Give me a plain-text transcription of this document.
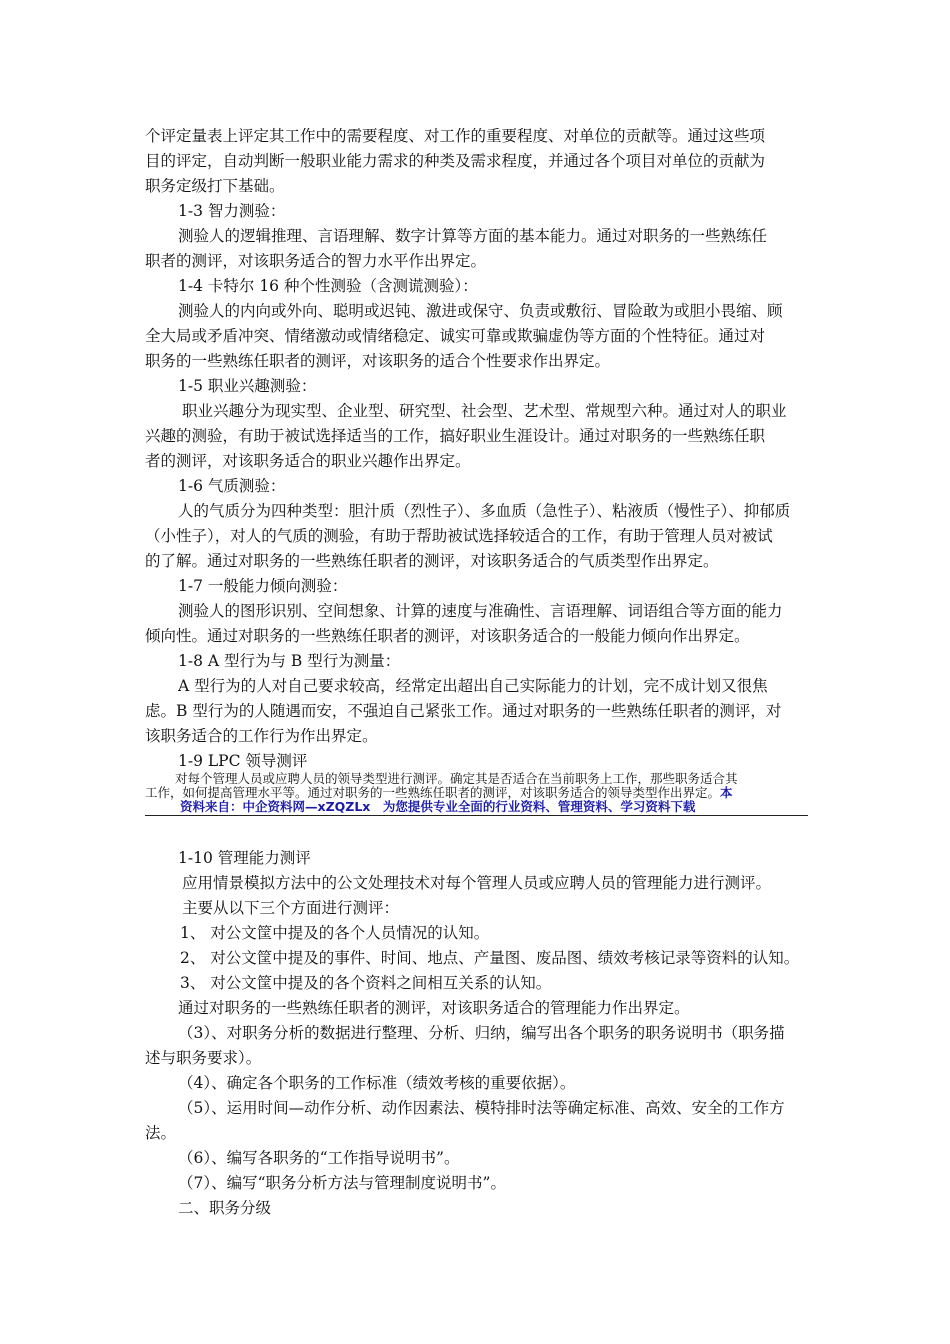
个评定量表上评定其工作中的需要程度、对工作的重要程度、对单位的贡献等。通过这些项
目的评定，自动判断一般职业能力需求的种类及需求程度，并通过各个项目对单位的贡献为
职务定级打下基础。
1-3 智力测验：
测验人的逻辑推理、言语理解、数字计算等方面的基本能力。通过对职务的一些熟练任
职者的测评，对该职务适合的智力水平作出界定。
1-4 卡特尔 16 种个性测验（含测谎测验）：
测验人的内向或外向、聪明或迟钝、激进或保守、负责或敷衍、冒险敢为或胆小畏缩、顾
全大局或矛盾冲突、情绪激动或情绪稳定、诚实可靠或欺骗虚伪等方面的个性特征。通过对
职务的一些熟练任职者的测评，对该职务的适合个性要求作出界定。
1-5 职业兴趣测验：
职业兴趣分为现实型、企业型、研究型、社会型、艺术型、常规型六种。通过对人的职业
兴趣的测验，有助于被试选择适当的工作，搞好职业生涯设计。通过对职务的一些熟练任职
者的测评，对该职务适合的职业兴趣作出界定。
1-6 气质测验：
人的气质分为四种类型：胆汁质（烈性子）、多血质（急性子）、粘液质（慢性子）、抑郁质
（小性子），对人的气质的测验，有助于帮助被试选择较适合的工作，有助于管理人员对被试
的了解。通过对职务的一些熟练任职者的测评，对该职务适合的气质类型作出界定。
1-7 一般能力倾向测验：
测验人的图形识别、空间想象、计算的速度与准确性、言语理解、词语组合等方面的能力
倾向性。通过对职务的一些熟练任职者的测评，对该职务适合的一般能力倾向作出界定。
1-8 A 型行为与 B 型行为测量：
A 型行为的人对自己要求较高，经常定出超出自己实际能力的计划，完不成计划又很焦
虑。B 型行为的人随遇而安，不强迫自己紧张工作。通过对职务的一些熟练任职者的测评，对
该职务适合的工作行为作出界定。
1-9 LPC 领导测评
对每个管理人员或应聘人员的领导类型进行测评。确定其是否适合在当前职务上工作，那些职务适合其
工作，如何提高管理水平等。通过对职务的一些熟练任职者的测评，对该职务适合的领导类型作出界定。本
资料来自：中企资料网—xZQZLx　为您提供专业全面的行业资料、管理资料、学习资料下载
1-10 管理能力测评
应用情景模拟方法中的公文处理技术对每个管理人员或应聘人员的管理能力进行测评。
主要从以下三个方面进行测评：
1、 对公文筐中提及的各个人员情况的认知。
2、 对公文筐中提及的事件、时间、地点、产量图、废品图、绩效考核记录等资料的认知。
3、 对公文筐中提及的各个资料之间相互关系的认知。
通过对职务的一些熟练任职者的测评，对该职务适合的管理能力作出界定。
（3）、对职务分析的数据进行整理、分析、归纳，编写出各个职务的职务说明书（职务描
述与职务要求）。
（4）、确定各个职务的工作标准（绩效考核的重要依据）。
（5）、运用时间—动作分析、动作因素法、模特排时法等确定标准、高效、安全的工作方
法。
（6）、编写各职务的“工作指导说明书”。
（7）、编写“职务分析方法与管理制度说明书”。
二、职务分级
